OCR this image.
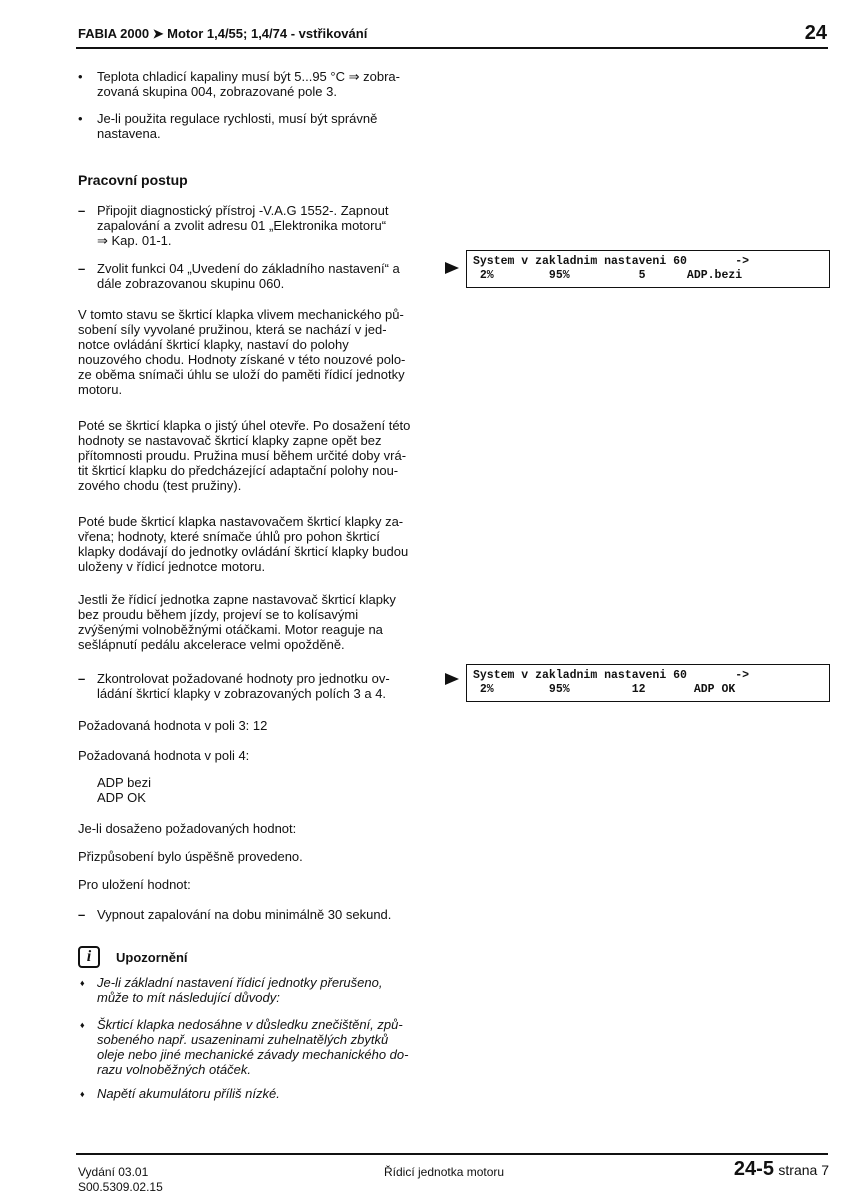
FABIA 2000 ➤ Motor 1,4/55; 1,4/74 - vstřikování	24
• Teplota chladicí kapaliny musí být 5...95 °C ⇒ zobra-
zovaná skupina 004, zobrazované pole 3.
• Je-li použita regulace rychlosti, musí být správně
nastavena.
Pracovní postup
– Připojit diagnostický přístroj -V.A.G 1552-. Zapnout
zapalování a zvolit adresu 01 „Elektronika motoru“
⇒ Kap. 01-1.
– Zvolit funkci 04 „Uvedení do základního nastavení“ a
dále zobrazovanou skupinu 060.
System v zakladnim nastaveni 60       ->
2%        95%          5      ADP.bezi
V tomto stavu se škrticí klapka vlivem mechanického pů-
sobení síly vyvolané pružinou, která se nachází v jed-
notce ovládání škrticí klapky, nastaví do polohy
nouzového chodu. Hodnoty získané v této nouzové polo-
ze oběma snímači úhlu se uloží do paměti řídicí jednotky
motoru.
Poté se škrticí klapka o jistý úhel otevře. Po dosažení této
hodnoty se nastavovač škrticí klapky zapne opět bez
přítomnosti proudu. Pružina musí během určité doby vrá-
tit škrticí klapku do předcházející adaptační polohy nou-
zového chodu (test pružiny).
Poté bude škrticí klapka nastavovačem škrticí klapky za-
vřena; hodnoty, které snímače úhlů pro pohon škrticí
klapky dodávají do jednotky ovládání škrticí klapky budou
uloženy v řídicí jednotce motoru.
Jestli že řídicí jednotka zapne nastavovač škrticí klapky
bez proudu během jízdy, projeví se to kolísavými
zvýšenými volnoběžnými otáčkami. Motor reaguje na
sešlápnutí pedálu akcelerace velmi opožděně.
– Zkontrolovat požadované hodnoty pro jednotku ov-
ládání škrticí klapky v zobrazovaných polích 3 a 4.
System v zakladnim nastaveni 60       ->
2%        95%         12       ADP OK
Požadovaná hodnota v poli 3: 12
Požadovaná hodnota v poli 4:
ADP bezi
ADP OK
Je-li dosaženo požadovaných hodnot:
Přizpůsobení bylo úspěšně provedeno.
Pro uložení hodnot:
– Vypnout zapalování na dobu minimálně 30 sekund.
i	Upozornění
♦ Je-li základní nastavení řídicí jednotky přerušeno,
může to mít následující důvody:
♦ Škrticí klapka nedosáhne v důsledku znečištění, způ-
sobeného např. usazeninami zuhelnatělých zbytků
oleje nebo jiné mechanické závady mechanického do-
razu volnoběžných otáček.
♦ Napětí akumulátoru příliš nízké.
Vydání 03.01
S00.5309.02.15
Řídicí jednotka motoru	24-5 strana 7
